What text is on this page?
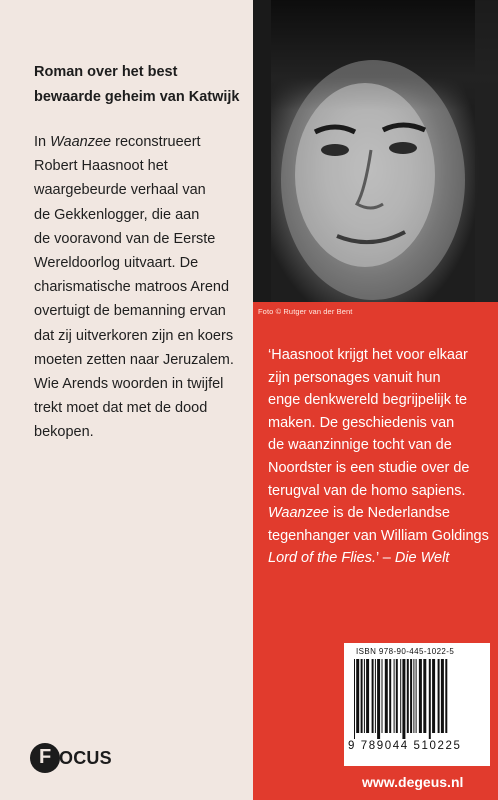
Roman over het best
bewaarde geheim van Katwijk
In Waanzee reconstrueert
Robert Haasnoot het
waargebeurde verhaal van
de Gekkenlogger, die aan
de vooravond van de Eerste
Wereldoorlog uitvaart. De
charismatische matroos Arend
overtuigt de bemanning ervan
dat zij uitverkoren zijn en koers
moeten zetten naar Jeruzalem.
Wie Arends woorden in twijfel
trekt moet dat met de dood
bekopen.
Foto © Rutger van der Bent
‘Haasnoot krijgt het voor elkaar
zijn personages vanuit hun
enge denkwereld begrijpelijk te
maken. De geschiedenis van
de waanzinnige tocht van de
Noordster is een studie over de
terugval van de homo sapiens.
Waanzee is de Nederlandse
tegenhanger van William Goldings
Lord of the Flies.’ – Die Welt
ISBN 978-90-445-1022-5
9 789044 510225
www.degeus.nl
F OCUS
